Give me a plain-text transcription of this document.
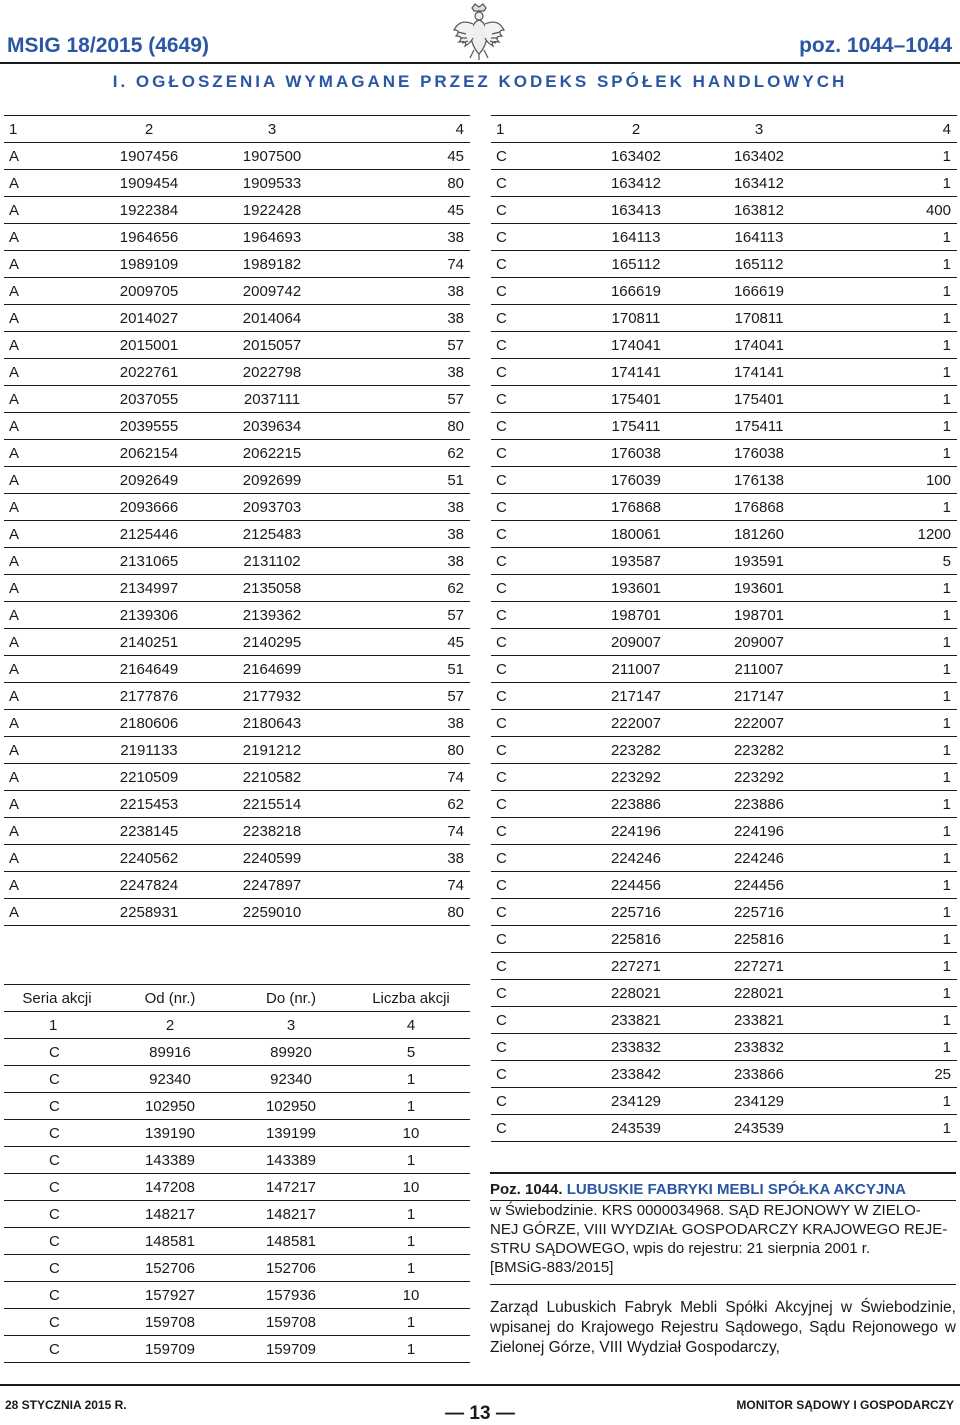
MSIG 18/2015 (4649)	poz. 1044–1044
I. OGŁOSZENIA WYMAGANE PRZEZ KODEKS SPÓŁEK HANDLOWYCH
1	2	3	4
A	1907456	1907500	45
A	1909454	1909533	80
A	1922384	1922428	45
A	1964656	1964693	38
A	1989109	1989182	74
A	2009705	2009742	38
A	2014027	2014064	38
A	2015001	2015057	57
A	2022761	2022798	38
A	2037055	2037111	57
A	2039555	2039634	80
A	2062154	2062215	62
A	2092649	2092699	51
A	2093666	2093703	38
A	2125446	2125483	38
A	2131065	2131102	38
A	2134997	2135058	62
A	2139306	2139362	57
A	2140251	2140295	45
A	2164649	2164699	51
A	2177876	2177932	57
A	2180606	2180643	38
A	2191133	2191212	80
A	2210509	2210582	74
A	2215453	2215514	62
A	2238145	2238218	74
A	2240562	2240599	38
A	2247824	2247897	74
A	2258931	2259010	80
Seria akcji	Od (nr.)	Do (nr.)	Liczba akcji
1	2	3	4
C	89916	89920	5
C	92340	92340	1
C	102950	102950	1
C	139190	139199	10
C	143389	143389	1
C	147208	147217	10
C	148217	148217	1
C	148581	148581	1
C	152706	152706	1
C	157927	157936	10
C	159708	159708	1
C	159709	159709	1
1	2	3	4
C	163402	163402	1
C	163412	163412	1
C	163413	163812	400
C	164113	164113	1
C	165112	165112	1
C	166619	166619	1
C	170811	170811	1
C	174041	174041	1
C	174141	174141	1
C	175401	175401	1
C	175411	175411	1
C	176038	176038	1
C	176039	176138	100
C	176868	176868	1
C	180061	181260	1200
C	193587	193591	5
C	193601	193601	1
C	198701	198701	1
C	209007	209007	1
C	211007	211007	1
C	217147	217147	1
C	222007	222007	1
C	223282	223282	1
C	223292	223292	1
C	223886	223886	1
C	224196	224196	1
C	224246	224246	1
C	224456	224456	1
C	225716	225716	1
C	225816	225816	1
C	227271	227271	1
C	228021	228021	1
C	233821	233821	1
C	233832	233832	1
C	233842	233866	25
C	234129	234129	1
C	243539	243539	1

Poz. 1044. LUBUSKIE FABRYKI MEBLI SPÓŁKA AKCYJNA

w Świebodzinie. KRS 0000034968. SĄD REJONOWY W ZIELO-

NEJ GÓRZE, VIII WYDZIAŁ GOSPODARCZY KRAJOWEGO REJE-

STRU SĄDOWEGO, wpis do rejestru: 21 sierpnia 2001 r.

[BMSiG-883/2015]

Zarząd Lubuskich Fabryk Mebli Spółki Akcyjnej w Świebodzinie, wpisanej do Krajowego Rejestru Sądowego, Sądu Rejonowego w Zielonej Górze, VIII Wydział Gospodarczy,
28 STYCZNIA 2015 R.	— 13 —	MONITOR SĄDOWY I GOSPODARCZY
